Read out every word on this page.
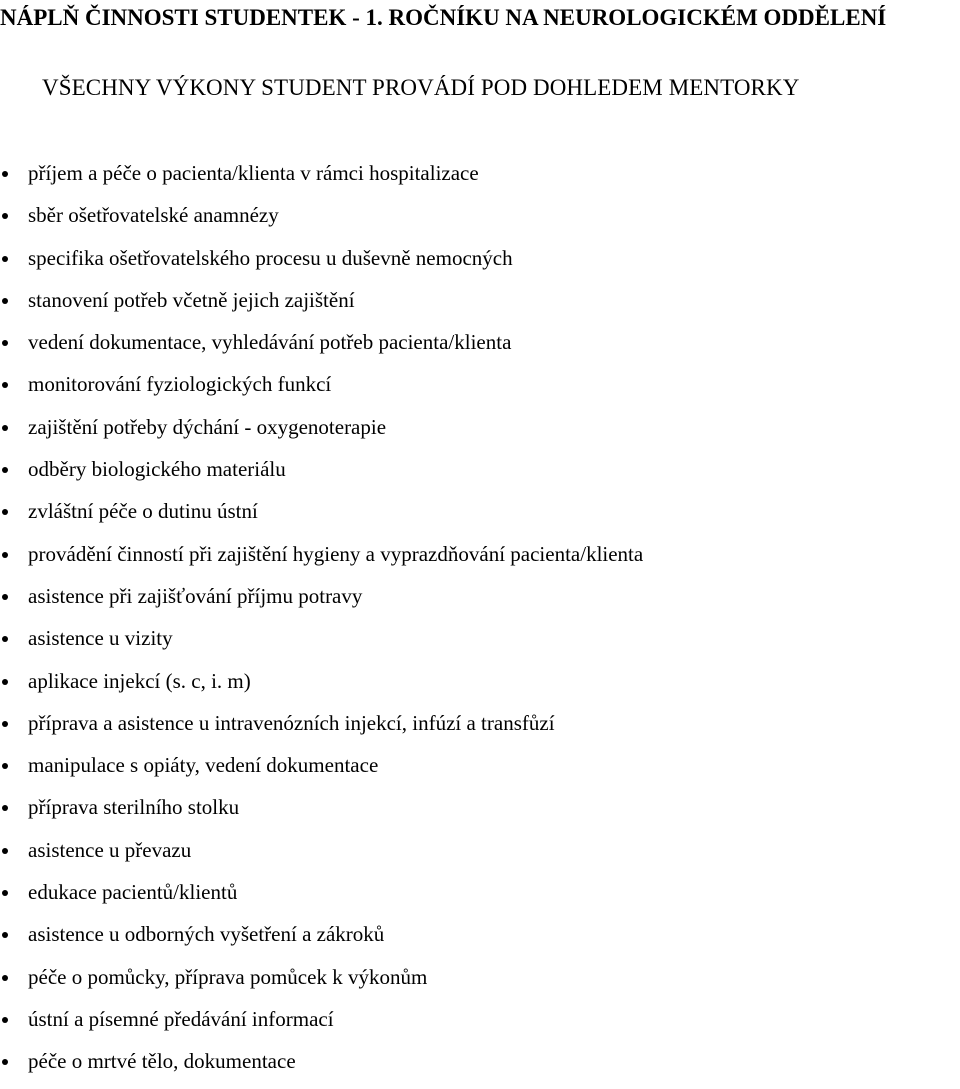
NÁPLŇ ČINNOSTI STUDENTEK - 1. ROČNÍKU NA NEUROLOGICKÉM ODDĚLENÍ
VŠECHNY VÝKONY STUDENT PROVÁDÍ POD DOHLEDEM MENTORKY
příjem a péče o pacienta/klienta v rámci hospitalizace
sběr ošetřovatelské anamnézy
specifika ošetřovatelského procesu u duševně nemocných
stanovení potřeb včetně jejich zajištění
vedení dokumentace, vyhledávání potřeb pacienta/klienta
monitorování fyziologických funkcí
zajištění potřeby dýchání - oxygenoterapie
odběry biologického materiálu
zvláštní péče o dutinu ústní
provádění činností při zajištění hygieny a vyprazdňování pacienta/klienta
asistence při zajišťování příjmu potravy
asistence u vizity
aplikace injekcí (s. c, i. m)
příprava a asistence u intravenózních injekcí, infúzí a transfůzí
manipulace s opiáty, vedení dokumentace
příprava sterilního stolku
asistence u převazu
edukace pacientů/klientů
asistence u odborných vyšetření a zákroků
péče o pomůcky, příprava pomůcek k výkonům
ústní a písemné předávání informací
péče o mrtvé tělo, dokumentace
